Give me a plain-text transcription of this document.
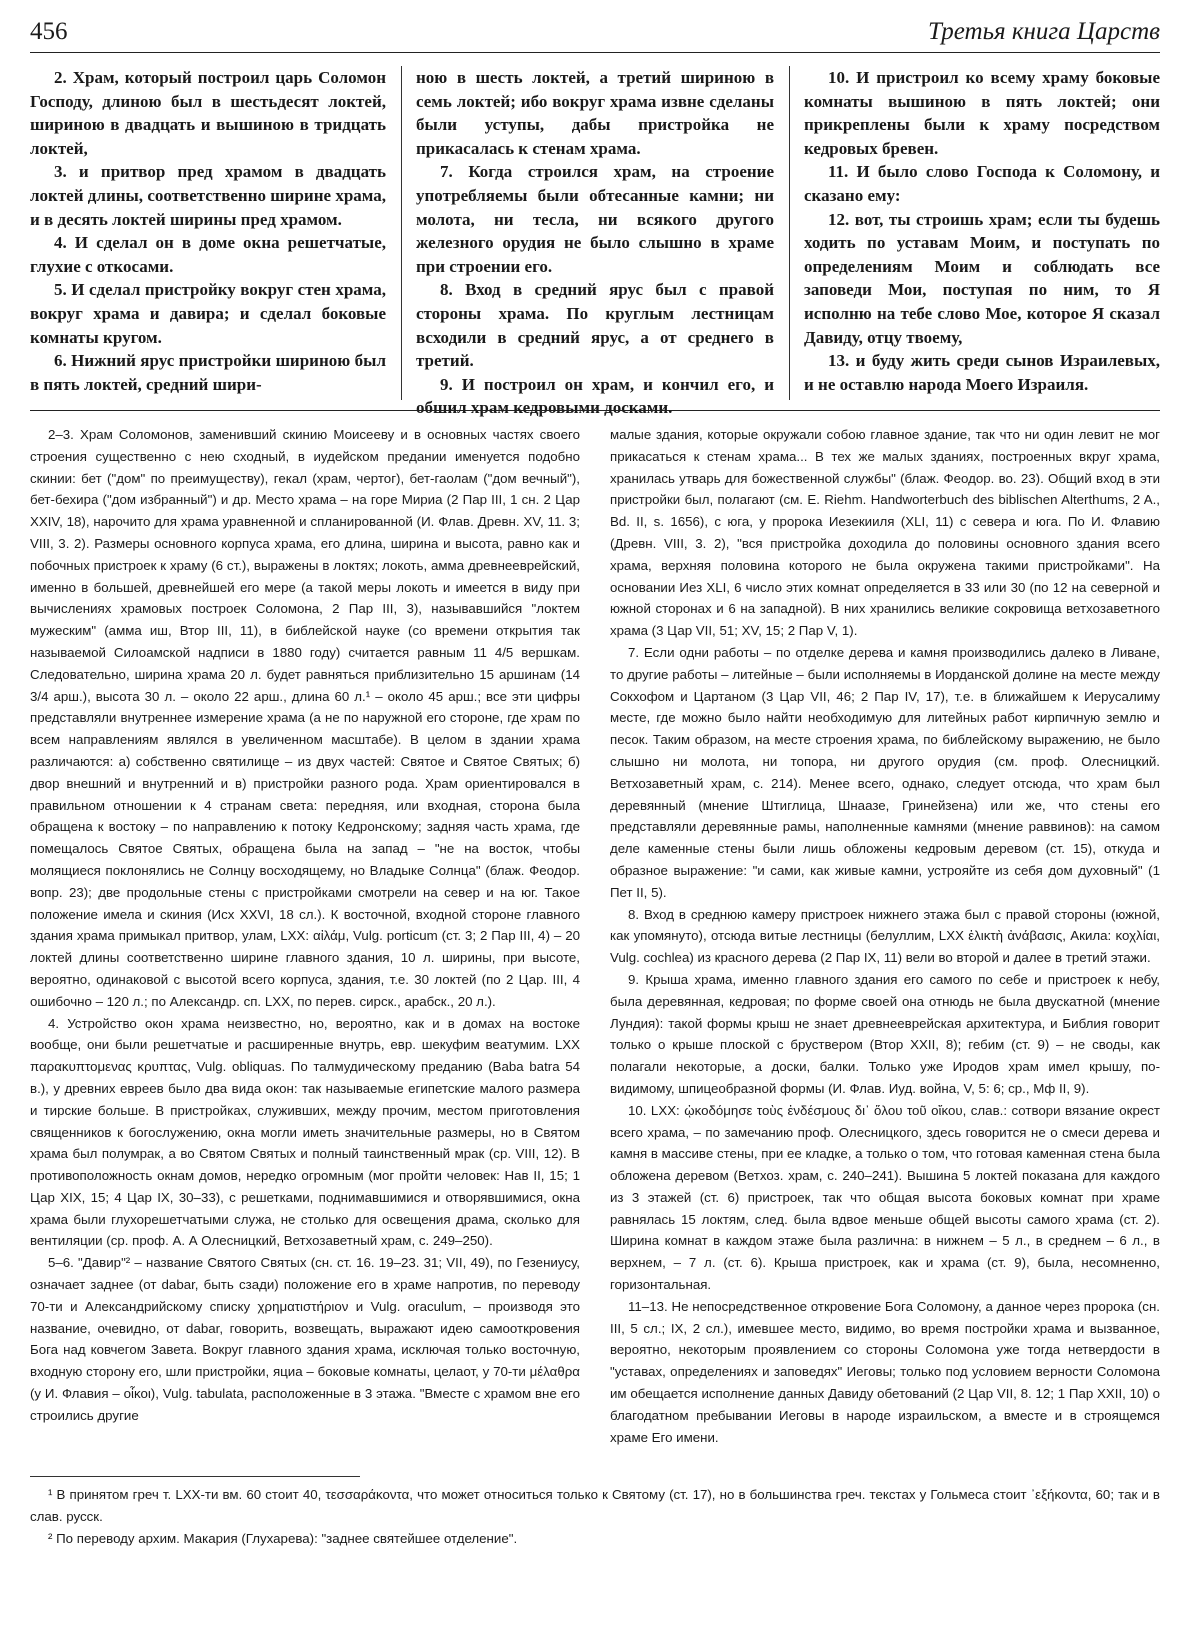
456	Третья книга Царств

2. Храм, который построил царь Соломон Господу, длиною был в шестьдесят локтей, шириною в двадцать и вышиною в тридцать локтей,

3. и притвор пред храмом в двадцать локтей длины, соответственно ширине храма, и в десять локтей ширины пред храмом.

4. И сделал он в доме окна решетчатые, глухие с откосами.

5. И сделал пристройку вокруг стен храма, вокруг храма и давира; и сделал боковые комнаты кругом.

6. Нижний ярус пристройки шириною был в пять локтей, средний шири-

ною в шесть локтей, а третий шириною в семь локтей; ибо вокруг храма извне сделаны были уступы, дабы пристройка не прикасалась к стенам храма.

7. Когда строился храм, на строение употребляемы были обтесанные камни; ни молота, ни тесла, ни всякого другого железного орудия не было слышно в храме при строении его.

8. Вход в средний ярус был с правой стороны храма. По круглым лестницам всходили в средний ярус, а от среднего в третий.

9. И построил он храм, и кончил его, и обшил храм кедровыми досками.

10. И пристроил ко всему храму боковые комнаты вышиною в пять локтей; они прикреплены были к храму посредством кедровых бревен.

11. И было слово Господа к Соломону, и сказано ему:

12. вот, ты строишь храм; если ты будешь ходить по уставам Моим, и поступать по определениям Моим и соблюдать все заповеди Мои, поступая по ним, то Я исполню на тебе слово Мое, которое Я сказал Давиду, отцу твоему,

13. и буду жить среди сынов Израилевых, и не оставлю народа Моего Израиля.

2–3. Храм Соломонов, заменивший скинию Моисееву и в основных частях своего строения существенно с нею сходный, в иудейском предании именуется подобно скинии: бет ("дом" по преимуществу), гекал (храм, чертог), бет-гаолам ("дом вечный"), бет-бехира ("дом избранный") и др. Место храма – на горе Мириа (2 Пар III, 1 сн. 2 Цар XXIV, 18), нарочито для храма уравненной и спланированной (И. Флав. Древн. XV, 11. 3; VIII, 3. 2). Размеры основного корпуса храма, его длина, ширина и высота, равно как и побочных пристроек к храму (6 ст.), выражены в локтях; локоть, амма древнееврейский, именно в большей, древнейшей его мере (а такой меры локоть и имеется в виду при вычислениях храмовых построек Соломона, 2 Пар III, 3), называвшийся "локтем мужеским" (амма иш, Втор III, 11), в библейской науке (со времени открытия так называемой Силоамской надписи в 1880 году) считается равным 11 4/5 вершкам. Следовательно, ширина храма 20 л. будет равняться приблизительно 15 аршинам (14 3/4 арш.), высота 30 л. – около 22 арш., длина 60 л.¹ – около 45 арш.; все эти цифры представляли внутреннее измерение храма (а не по наружной его стороне, где храм по всем направлениям являлся в увеличенном масштабе). В целом в здании храма различаются: а) собственно святилище – из двух частей: Святое и Святое Святых; б) двор внешний и внутренний и в) пристройки разного рода. Храм ориентировался в правильном отношении к 4 странам света: передняя, или входная, сторона была обращена к востоку – по направлению к потоку Кедронскому; задняя часть храма, где помещалось Святое Святых, обращена была на запад – "не на восток, чтобы молящиеся поклонялись не Солнцу восходящему, но Владыке Солнца" (блаж. Феодор. вопр. 23); две продольные стены с пристройками смотрели на север и на юг. Такое положение имела и скиния (Исх XXVI, 18 сл.). К восточной, входной стороне главного здания храма примыкал притвор, улам, LXX: αἰλάμ, Vulg. porticum (ст. 3; 2 Пар III, 4) – 20 локтей длины соответственно ширине главного здания, 10 л. ширины, при высоте, вероятно, одинаковой с высотой всего корпуса, здания, т.е. 30 локтей (по 2 Цар. III, 4 ошибочно – 120 л.; по Александр. сп. LXX, по перев. сирск., арабск., 20 л.).

4. Устройство окон храма неизвестно, но, вероятно, как и в домах на востоке вообще, они были решетчатые и расширенные внутрь, евр. шекуфим веатумим. LXX παρακυπτομενας κρυπτας, Vulg. obliquas. По талмудическому преданию (Baba batra 54 в.), у древних евреев было два вида окон: так называемые египетские малого размера и тирские больше. В пристройках, служивших, между прочим, местом приготовления священников к богослужению, окна могли иметь значительные размеры, но в Святом храма был полумрак, а во Святом Святых и полный таинственный мрак (ср. VIII, 12). В противоположность окнам домов, нередко огромным (мог пройти человек: Нав II, 15; 1 Цар XIX, 15; 4 Цар IX, 30–33), с решетками, поднимавшимися и отворявшимися, окна храма были глухорешетчатыми служа, не столько для освещения драма, сколько для вентиляции (ср. проф. А. А Олесницкий, Ветхозаветный храм, с. 249–250).

5–6. "Давир"² – название Святого Святых (сн. ст. 16. 19–23. 31; VII, 49), по Гезениусу, означает заднее (от dabar, быть сзади) положение его в храме напротив, по переводу 70-ти и Александрийскому списку χρηματιστήριον и Vulg. oraculum, – производя это название, очевидно, от dabar, говорить, возвещать, выражают идею самооткровения Бога над ковчегом Завета. Вокруг главного здания храма, исключая только восточную, входную сторону его, шли пристройки, яциа – боковые комнаты, целаот, у 70-ти μέλαθρα (у И. Флавия – οἶκοι), Vulg. tabulata, расположенные в 3 этажа. "Вместе с храмом вне его строились другие

малые здания, которые окружали собою главное здание, так что ни один левит не мог прикасаться к стенам храма... В тех же малых зданиях, построенных вкруг храма, хранилась утварь для божественной службы" (блаж. Феодор. во. 23). Общий вход в эти пристройки был, полагают (см. E. Riehm. Handworterbuch des biblischen Alterthums, 2 A., Bd. II, s. 1656), с юга, у пророка Иезекииля (XLI, 11) с севера и юга. По И. Флавию (Древн. VIII, 3. 2), "вся пристройка доходила до половины основного здания всего храма, верхняя половина которого не была окружена такими пристройками". На основании Иез XLI, 6 число этих комнат определяется в 33 или 30 (по 12 на северной и южной сторонах и 6 на западной). В них хранились великие сокровища ветхозаветного храма (3 Цар VII, 51; XV, 15; 2 Пар V, 1).

7. Если одни работы – по отделке дерева и камня производились далеко в Ливане, то другие работы – литейные – были исполняемы в Иорданской долине на месте между Сокхофом и Цартаном (3 Цар VII, 46; 2 Пар IV, 17), т.е. в ближайшем к Иерусалиму месте, где можно было найти необходимую для литейных работ кирпичную землю и песок. Таким образом, на месте строения храма, по библейскому выражению, не было слышно ни молота, ни топора, ни другого орудия (см. проф. Олесницкий. Ветхозаветный храм, с. 214). Менее всего, однако, следует отсюда, что храм был деревянный (мнение Штиглица, Шнаазе, Гринейзена) или же, что стены его представляли деревянные рамы, наполненные камнями (мнение раввинов): на самом деле каменные стены были лишь обложены кедровым деревом (ст. 15), откуда и образное выражение: "и сами, как живые камни, устрояйте из себя дом духовный" (1 Пет II, 5).

8. Вход в среднюю камеру пристроек нижнего этажа был с правой стороны (южной, как упомянуто), отсюда витые лестницы (белуллим, LXX ἑλικτὴ ἀνάβασις, Акила: κοχλίαι, Vulg. cochlea) из красного дерева (2 Пар IX, 11) вели во второй и далее в третий этажи.

9. Крыша храма, именно главного здания его самого по себе и пристроек к небу, была деревянная, кедровая; по форме своей она отнюдь не была двускатной (мнение Лундия): такой формы крыш не знает древнееврейская архитектура, и Библия говорит только о крыше плоской с бруствером (Втор XXII, 8); гебим (ст. 9) – не своды, как полагали некоторые, а доски, балки. Только уже Иродов храм имел крышу, по-видимому, шпицеобразной формы (И. Флав. Иуд. война, V, 5: 6; ср., Мф II, 9).

10. LXX: ᾠκοδόμησε τοὺς ἐνδέσμους δι᾽ ὅλου τοῦ οἴκου, слав.: сотвори вязание окрест всего храма, – по замечанию проф. Олесницкого, здесь говорится не о смеси дерева и камня в массиве стены, при ее кладке, а только о том, что готовая каменная стена была обложена деревом (Ветхоз. храм, с. 240–241). Вышина 5 локтей показана для каждого из 3 этажей (ст. 6) пристроек, так что общая высота боковых комнат при храме равнялась 15 локтям, след. была вдвое меньше общей высоты самого храма (ст. 2). Ширина комнат в каждом этаже была различна: в нижнем – 5 л., в среднем – 6 л., в верхнем, – 7 л. (ст. 6). Крыша пристроек, как и храма (ст. 9), была, несомненно, горизонтальная.

11–13. Не непосредственное откровение Бога Соломону, а данное через пророка (сн. III, 5 сл.; IX, 2 сл.), имевшее место, видимо, во время постройки храма и вызванное, вероятно, некоторым проявлением со стороны Соломона уже тогда нетвердости в "уставах, определениях и заповедях" Иеговы; только под условием верности Соломона им обещается исполнение данных Давиду обетований (2 Цар VII, 8. 12; 1 Пар XXII, 10) о благодатном пребывании Иеговы в народе израильском, а вместе и в строящемся храме Его имени.

¹ В принятом греч т. LXX-ти вм. 60 стоит 40, τεσσαράκοντα, что может относиться только к Святому (ст. 17), но в большинства греч. текстах у Гольмеса стоит ᾽εξήκοντα, 60; так и в слав. русск.

² По переводу архим. Макария (Глухарева): "заднее святейшее отделение".
